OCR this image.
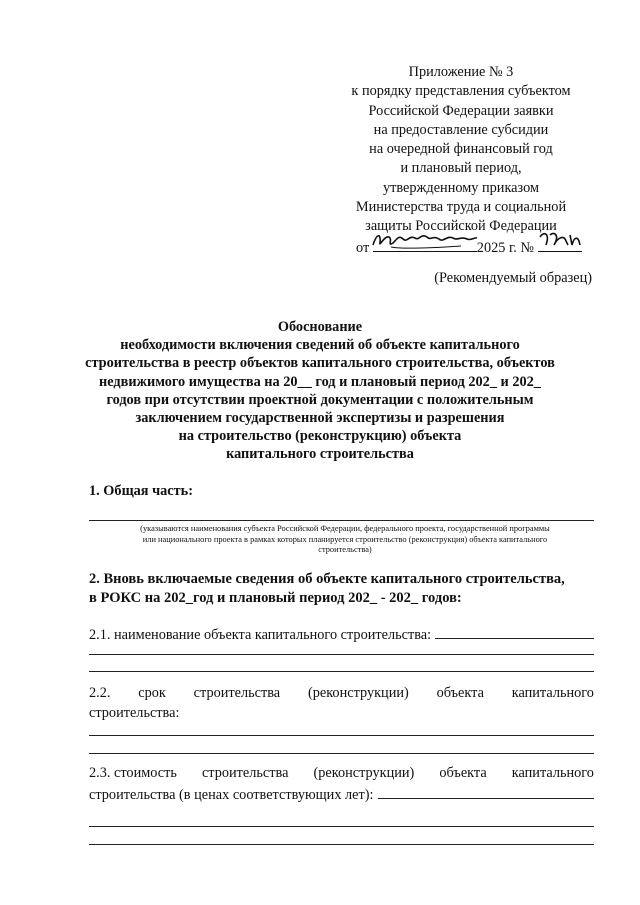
Приложение № 3
к порядку представления субъектом
Российской Федерации заявки
на предоставление субсидии
на очередной финансовый год
и плановый период,
утвержденному приказом
Министерства труда и социальной
защиты Российской Федерации
от	2025 г. №
(Рекомендуемый образец)
Обоснование
необходимости включения сведений об объекте капитального
строительства в реестр объектов капитального строительства, объектов
недвижимого имущества на 20__ год и плановый период 202_ и 202_
годов при отсутствии проектной документации с положительным
заключением государственной экспертизы и разрешения
на строительство (реконструкцию) объекта
капитального строительства
1. Общая часть:
(указываются наименования субъекта Российской Федерации, федерального проекта, государственной программы
или национального проекта в рамках которых планируется строительство (реконструкция) объекта капитального
строительства)
2. Вновь включаемые сведения об объекте капитального строительства,
в РОКС на 202_год и плановый период 202_ - 202_ годов:
2.1. наименование объекта капитального строительства:
2.2. срок строительства (реконструкции) объекта капитального
строительства:
2.3. стоимость строительства (реконструкции) объекта капитального
строительства (в ценах соответствующих лет):
